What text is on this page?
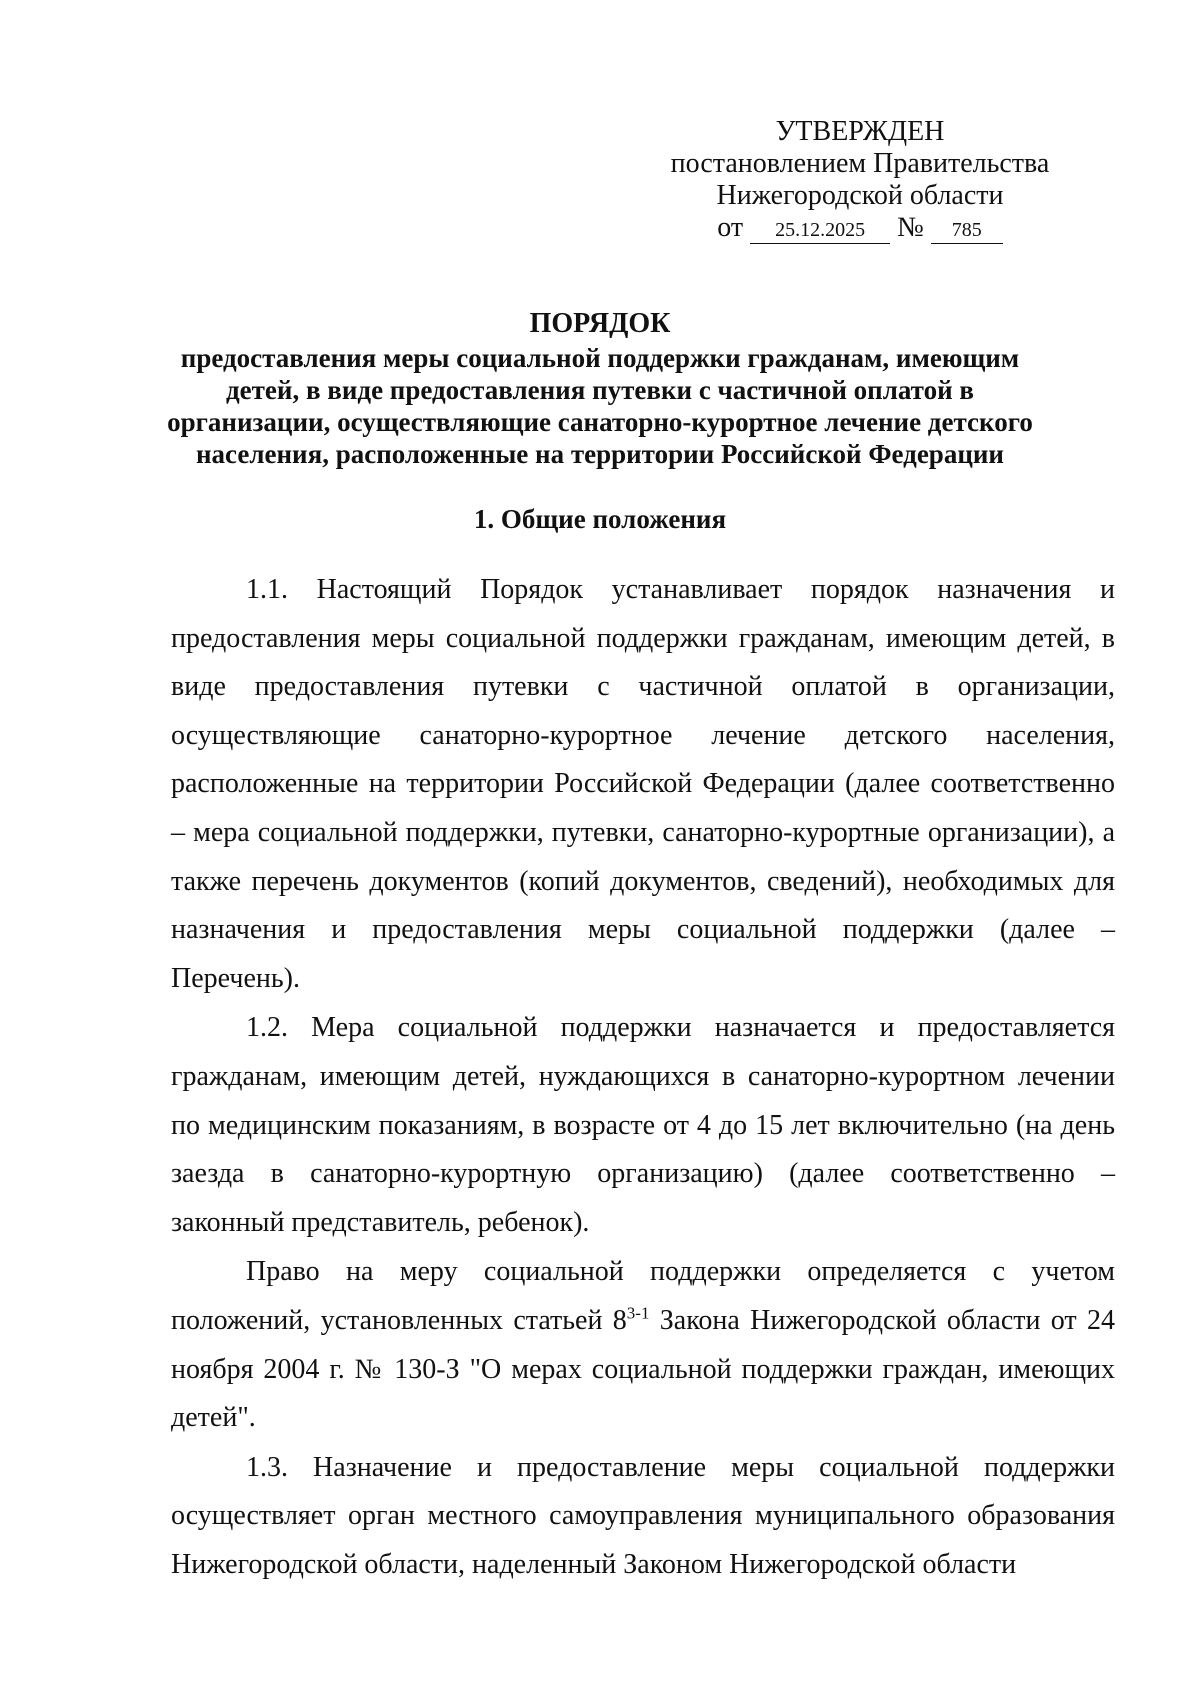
УТВЕРЖДЕН
постановлением Правительства
Нижегородской области
от 25.12.2025 № 785
ПОРЯДОК
предоставления меры социальной поддержки гражданам, имеющим детей, в виде предоставления путевки с частичной оплатой в организации, осуществляющие санаторно-курортное лечение детского населения, расположенные на территории Российской Федерации
1. Общие положения

1.1. Настоящий Порядок устанавливает порядок назначения и предоставления меры социальной поддержки гражданам, имеющим детей, в виде предоставления путевки с частичной оплатой в организации, осуществляющие санаторно-курортное лечение детского населения, расположенные на территории Российской Федерации (далее соответственно – мера социальной поддержки, путевки, санаторно-курортные организации), а также перечень документов (копий документов, сведений), необходимых для назначения и предоставления меры социальной поддержки (далее – Перечень).

1.2. Мера социальной поддержки назначается и предоставляется гражданам, имеющим детей, нуждающихся в санаторно-курортном лечении по медицинским показаниям, в возрасте от 4 до 15 лет включительно (на день заезда в санаторно-курортную организацию) (далее соответственно – законный представитель, ребенок).

Право на меру социальной поддержки определяется с учетом положений, установленных статьей 8$^{3-1}$ Закона Нижегородской области от 24 ноября 2004 г. № 130-З "О мерах социальной поддержки граждан, имеющих детей".

1.3. Назначение и предоставление меры социальной поддержки осуществляет орган местного самоуправления муниципального образования Нижегородской области, наделенный Законом Нижегородской области
